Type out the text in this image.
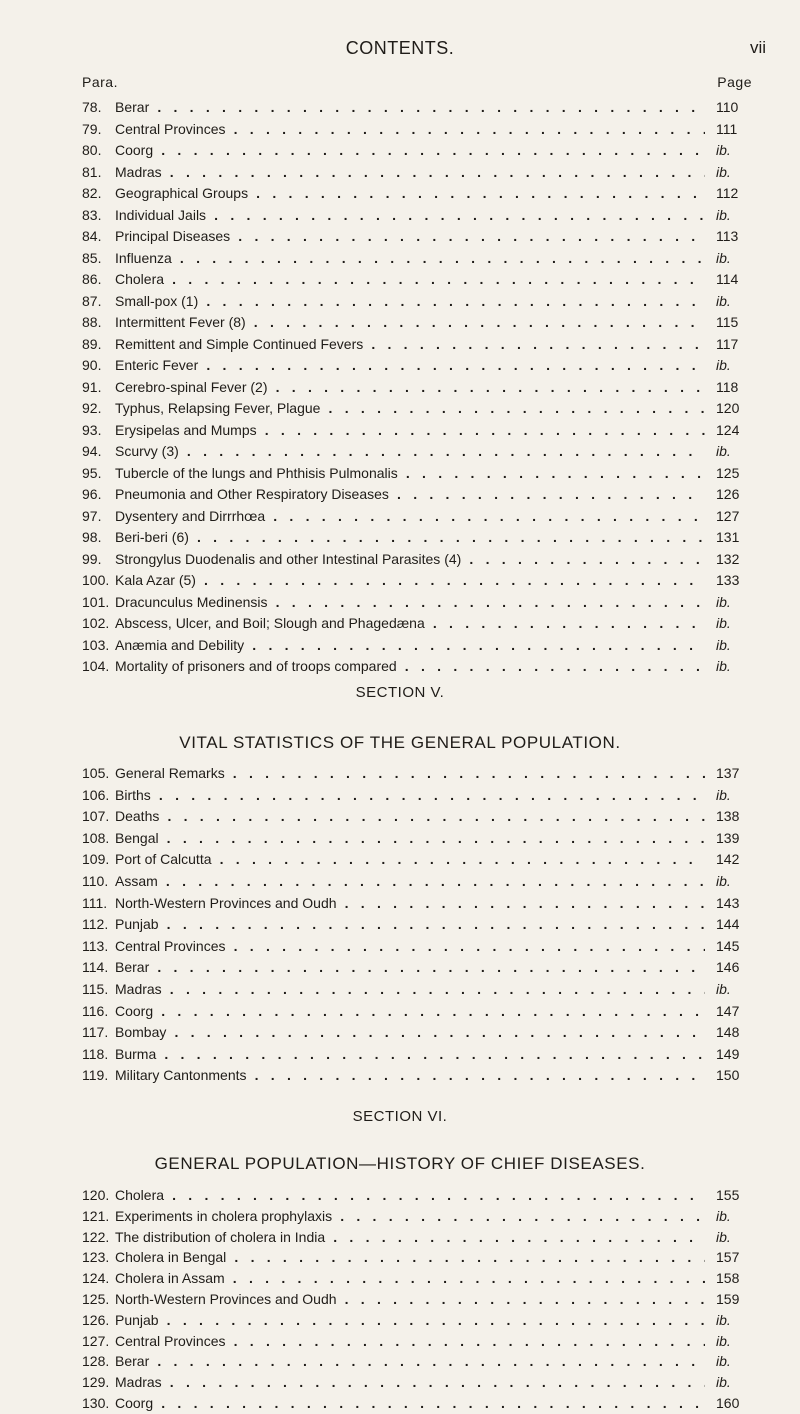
CONTENTS.	vii
Para.	Page
78. Berar . . .	110
79. Central Provinces . . .	111
80. Coorg . . .	ib.
81. Madras . . .	ib.
82. Geographical Groups . . .	112
83. Individual Jails . . .	ib.
84. Principal Diseases . . .	113
85. Influenza . . .	ib.
86. Cholera . . .	114
87. Small-pox (1) . . .	ib.
88. Intermittent Fever (8) . . .	115
89. Remittent and Simple Continued Fevers . . .	117
90. Enteric Fever . . .	ib.
91. Cerebro-spinal Fever (2) . . .	118
92. Typhus, Relapsing Fever, Plague . . .	120
93. Erysipelas and Mumps . . .	124
94. Scurvy (3) . . .	ib.
95. Tubercle of the lungs and Phthisis Pulmonalis . . .	125
96. Pneumonia and Other Respiratory Diseases . . .	126
97. Dysentery and Dirrrhœa . . .	127
98. Beri-beri (6) . . .	131
99. Strongylus Duodenalis and other Intestinal Parasites (4) . . .	132
100. Kala Azar (5) . . .	133
101. Dracunculus Medinensis . . .	ib.
102. Abscess, Ulcer, and Boil; Slough and Phagedæna . . .	ib.
103. Anæmia and Debility . . .	ib.
104. Mortality of prisoners and of troops compared . . .	ib.
SECTION V.
VITAL STATISTICS OF THE GENERAL POPULATION.
105. General Remarks . . .	137
106. Births . . .	ib.
107. Deaths . . .	138
108. Bengal . . .	139
109. Port of Calcutta . . .	142
110. Assam . . .	ib.
111. North-Western Provinces and Oudh . . .	143
112. Punjab . . .	144
113. Central Provinces . . .	145
114. Berar . . .	146
115. Madras . . .	ib.
116. Coorg . . .	147
117. Bombay . . .	148
118. Burma . . .	149
119. Military Cantonments . . .	150
SECTION VI.
GENERAL POPULATION—HISTORY OF CHIEF DISEASES.
120. Cholera . . .	155
121. Experiments in cholera prophylaxis . . .	ib.
122. The distribution of cholera in India . . .	ib.
123. Cholera in Bengal . . .	157
124. Cholera in Assam . . .	158
125. North-Western Provinces and Oudh . . .	159
126. Punjab . . .	ib.
127. Central Provinces . . .	ib.
128. Berar . . .	ib.
129. Madras . . .	ib.
130. Coorg . . .	160
